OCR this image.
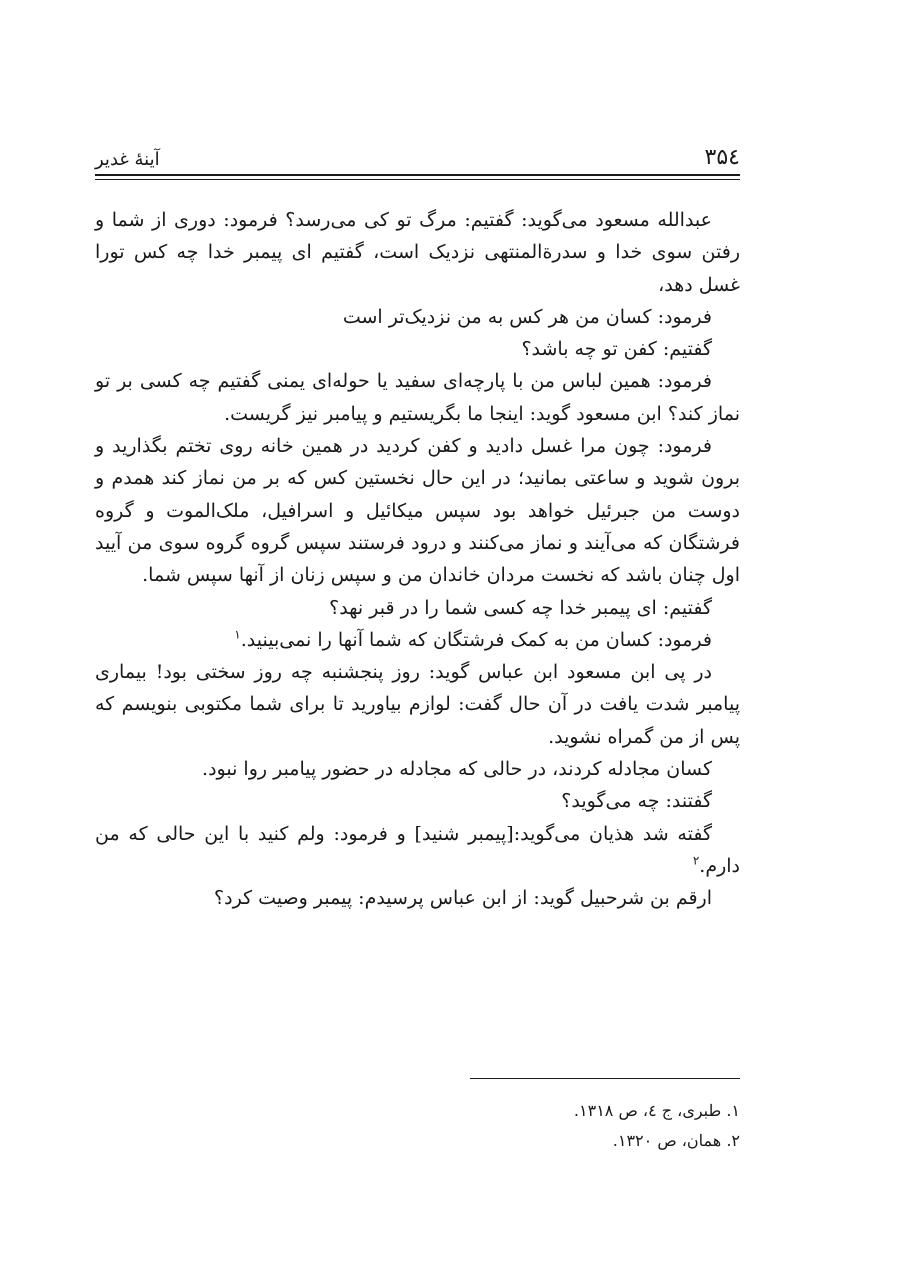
۳۵٤
آینهٔ غدیر

عبدالله مسعود می‌گوید: گفتیم: مرگ تو کی می‌رسد؟ فرمود: دوری از شما و رفتن سوی خدا و سدرةالمنتهی نزدیک است، گفتیم ای پیمبر خدا چه کس تورا غسل دهد،

فرمود: کسان من هر کس به من نزدیک‌تر است

گفتیم: کفن تو چه باشد؟

فرمود: همین لباس من با پارچه‌ای سفید یا حوله‌ای یمنی گفتیم چه کسی بر تو نماز کند؟ ابن مسعود گوید: اینجا ما بگریستیم و پیامبر نیز گریست.

فرمود: چون مرا غسل دادید و کفن کردید در همین خانه روی تختم بگذارید و برون شوید و ساعتی بمانید؛ در این حال نخستین کس که بر من نماز کند همدم و دوست من جبرئیل خواهد بود سپس میکائیل و اسرافیل، ملک‌الموت و گروه فرشتگان که می‌آیند و نماز می‌کنند و درود فرستند سپس گروه گروه سوی من آیید اول چنان باشد که نخست مردان خاندان من و سپس زنان از آنها سپس شما.

گفتیم: ای پیمبر خدا چه کسی شما را در قبر نهد؟

فرمود: کسان من به کمک فرشتگان که شما آنها را نمی‌بینید.$^۱$

در پی ابن مسعود ابن عباس گوید: روز پنجشنبه چه روز سختی بود! بیماری پیامبر شدت یافت در آن حال گفت: لوازم بیاورید تا برای شما مکتوبی بنویسم که پس از من گمراه نشوید.

کسان مجادله کردند، در حالی که مجادله در حضور پیامبر روا نبود.

گفتند: چه می‌گوید؟

گفته شد هذیان می‌گوید:[پیمبر شنید] و فرمود: ولم کنید با این حالی که من دارم.$^۲$

ارقم بن شرحبیل گوید: از ابن عباس پرسیدم: پیمبر وصیت کرد؟

۱. طبری، ج ٤، ص ۱۳۱۸.

۲. همان، ص ۱۳۲۰.
